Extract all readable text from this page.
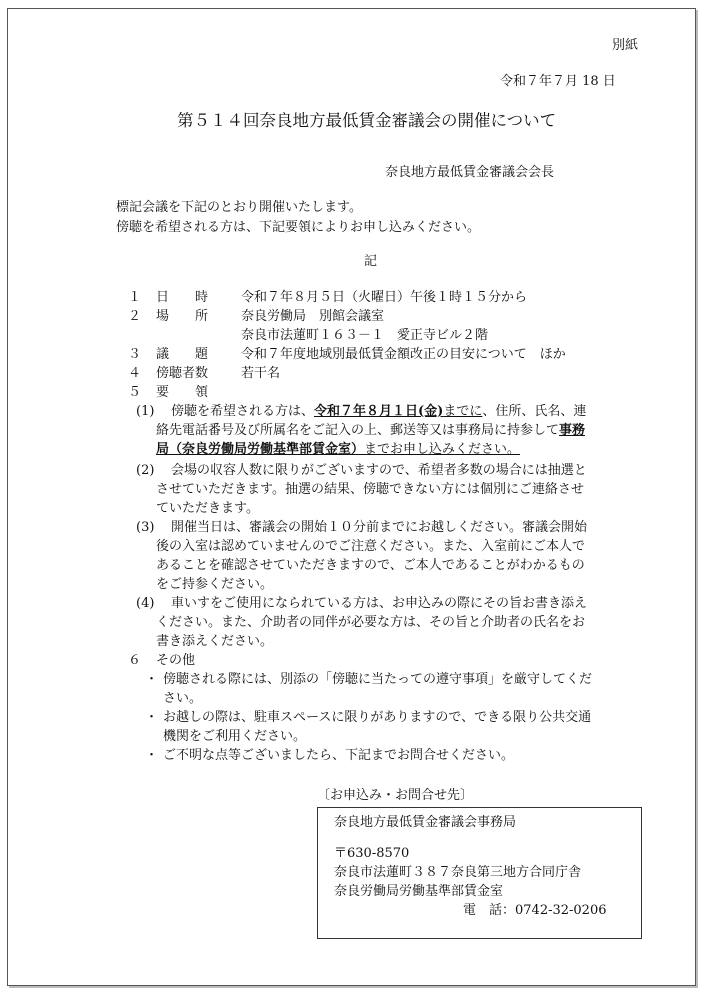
別紙
令和７年７月 18 日
第５１４回奈良地方最低賃金審議会の開催について
奈良地方最低賃金審議会会長
標記会議を下記のとおり開催いたします。
傍聴を希望される方は、下記要領によりお申し込みください。
記
１ 日　　時	令和７年８月５日（火曜日）午後１時１５分から
２ 場　　所	奈良労働局　別館会議室
奈良市法蓮町１６３－１　愛正寺ビル２階
３ 議　　題	令和７年度地域別最低賃金額改正の目安について　ほか
４ 傍聴者数	若干名
５ 要　　領
(1) 傍聴を希望される方は、令和７年８月１日(金)までに、住所、氏名、連
絡先電話番号及び所属名をご記入の上、郵送等又は事務局に持参して事務
局（奈良労働局労働基準部賃金室）までお申し込みください。
(2) 会場の収容人数に限りがございますので、希望者多数の場合には抽選と
させていただきます。抽選の結果、傍聴できない方には個別にご連絡させ
ていただきます。
(3) 開催当日は、審議会の開始１０分前までにお越しください。審議会開始
後の入室は認めていませんのでご注意ください。また、入室前にご本人で
あることを確認させていただきますので、ご本人であることがわかるもの
をご持参ください。
(4) 車いすをご使用になられている方は、お申込みの際にその旨お書き添え
ください。また、介助者の同伴が必要な方は、その旨と介助者の氏名をお
書き添えください。
６ その他
・ 傍聴される際には、別添の「傍聴に当たっての遵守事項」を厳守してくだ
さい。
・ お越しの際は、駐車スペースに限りがありますので、できる限り公共交通
機関をご利用ください。
・ ご不明な点等ございましたら、下記までお問合せください。
〔お申込み・お問合せ先〕
奈良地方最低賃金審議会事務局
〒630-8570
奈良市法蓮町３８７奈良第三地方合同庁舎
奈良労働局労働基準部賃金室
電　話：0742-32-0206
